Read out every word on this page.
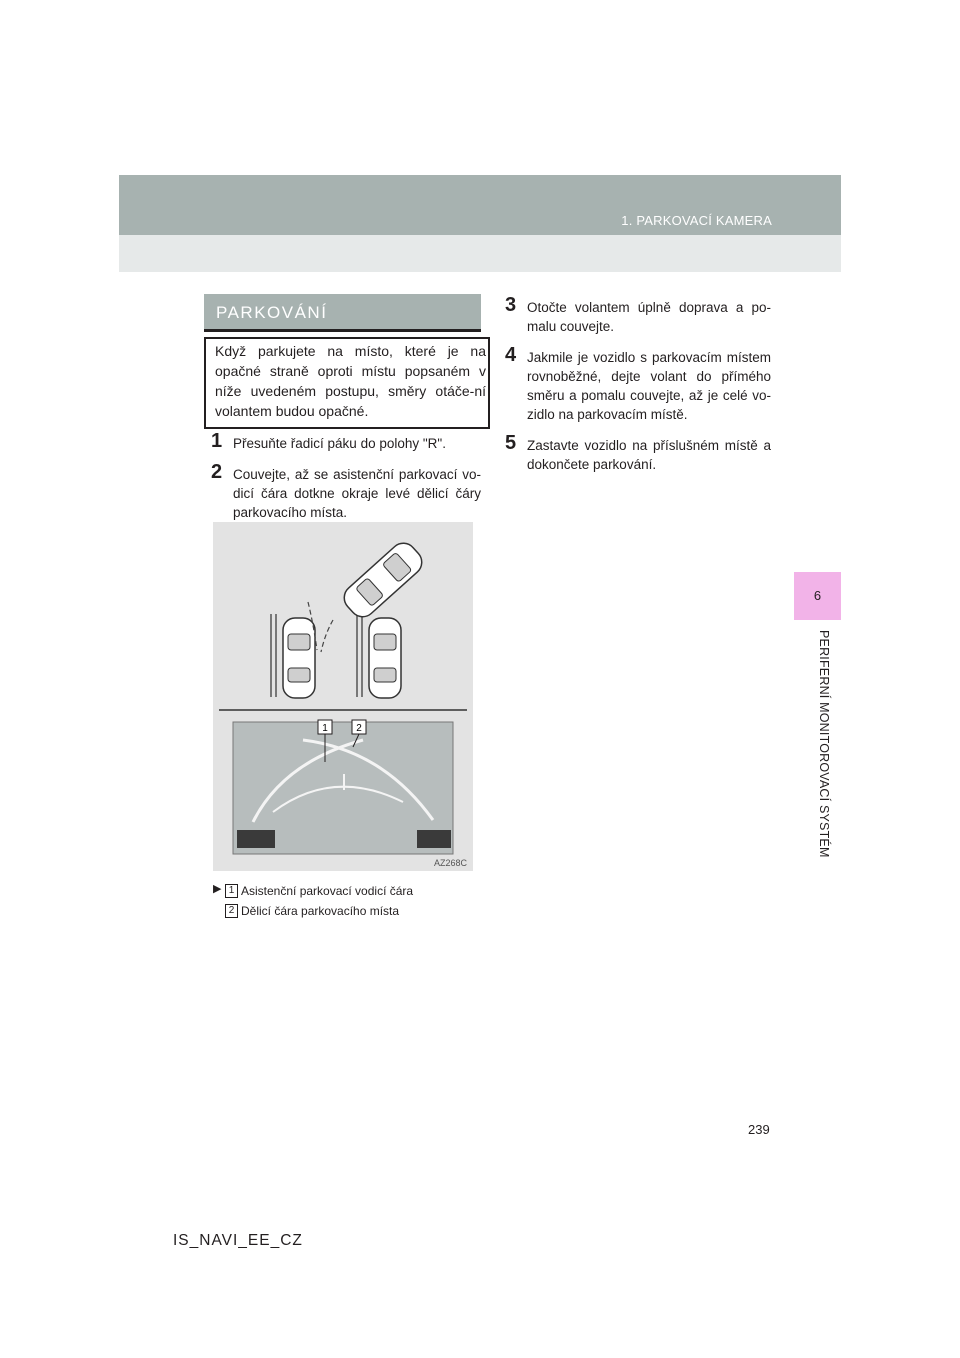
1. PARKOVACÍ KAMERA
6
PERIFERNÍ MONITOROVACÍ SYSTÉM
PARKOVÁNÍ
Když parkujete na místo, které je na opačné straně oproti místu popsaném v níže uvedeném postupu, směry otáče-ní volantem budou opačné.
1 Přesuňte řadicí páku do polohy "R".
2 Couvejte, až se asistenční parkovací vo-dicí čára dotkne okraje levé dělicí čáry parkovacího místa.
3 Otočte volantem úplně doprava a po-malu couvejte.
4 Jakmile je vozidlo s parkovacím místem rovnoběžné, dejte volant do přímého směru a pomalu couvejte, až je celé vo-zidlo na parkovacím místě.
5 Zastavte vozidlo na příslušném místě a dokončete parkování.
1	2
AZ268C
▶ 1 Asistenční parkovací vodicí čára
2 Dělicí čára parkovacího místa
239
IS_NAVI_EE_CZ
